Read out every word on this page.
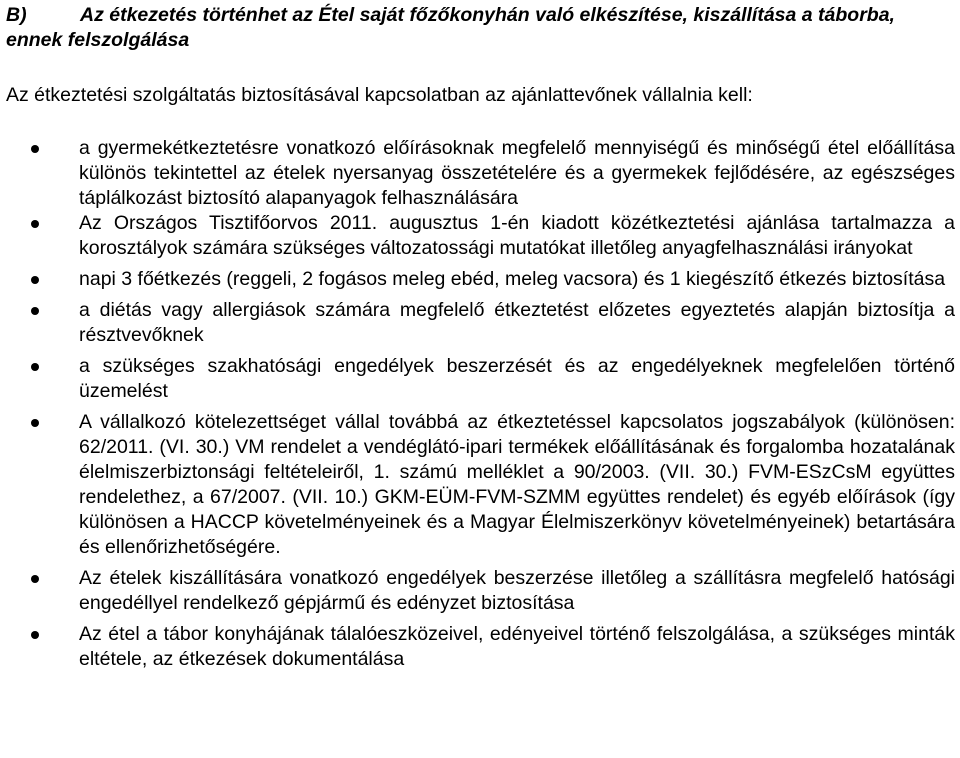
B)	Az étkezetés történhet az Étel saját főzőkonyhán való elkészítése, kiszállítása a táborba, ennek felszolgálása
Az étkeztetési szolgáltatás biztosításával kapcsolatban az ajánlattevőnek vállalnia kell:
a gyermekétkeztetésre vonatkozó előírásoknak megfelelő mennyiségű és minőségű étel előállítása különös tekintettel az ételek nyersanyag összetételére és a gyermekek fejlődésére, az egészséges táplálkozást biztosító alapanyagok felhasználására
Az Országos Tisztifőorvos 2011. augusztus 1-én kiadott közétkeztetési ajánlása tartalmazza a korosztályok számára szükséges változatossági mutatókat illetőleg anyagfelhasználási irányokat
napi 3 főétkezés (reggeli, 2 fogásos meleg ebéd, meleg vacsora) és 1 kiegészítő étkezés biztosítása
a diétás vagy allergiások számára megfelelő étkeztetést előzetes egyeztetés alapján biztosítja a résztvevőknek
a szükséges szakhatósági engedélyek beszerzését és az engedélyeknek megfelelően történő üzemelést
A vállalkozó kötelezettséget vállal továbbá az étkeztetéssel kapcsolatos jogszabályok (különösen: 62/2011. (VI. 30.) VM rendelet a vendéglátó-ipari termékek előállításának és forgalomba hozatalának élelmiszerbiztonsági feltételeiről, 1. számú melléklet a 90/2003. (VII. 30.) FVM-ESzCsM együttes rendelethez, a 67/2007. (VII. 10.) GKM-EÜM-FVM-SZMM együttes rendelet) és egyéb előírások (így különösen a HACCP követelményeinek és a Magyar Élelmiszerkönyv követelményeinek) betartására és ellenőrizhetőségére.
Az ételek kiszállítására vonatkozó engedélyek beszerzése illetőleg a szállításra megfelelő hatósági engedéllyel rendelkező gépjármű és edényzet biztosítása
Az étel a tábor konyhájának tálalóeszközeivel, edényeivel történő felszolgálása, a szükséges minták eltétele, az étkezések dokumentálása
